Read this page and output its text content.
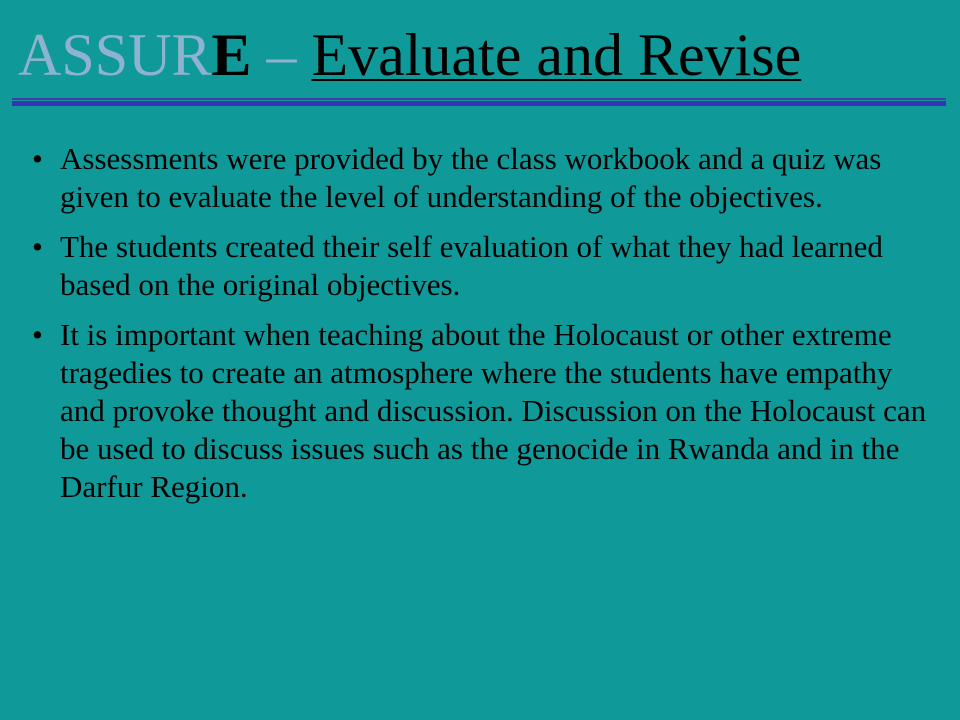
ASSURE – Evaluate and Revise
• Assessments were provided by the class workbook and a quiz was given to evaluate the level of understanding of the objectives.
• The students created their self evaluation of what they had learned based on the original objectives.
• It is important when teaching about the Holocaust or other extreme tragedies to create an atmosphere where the students have empathy and provoke thought and discussion. Discussion on the Holocaust can be used to discuss issues such as the genocide in Rwanda and in the Darfur Region.
